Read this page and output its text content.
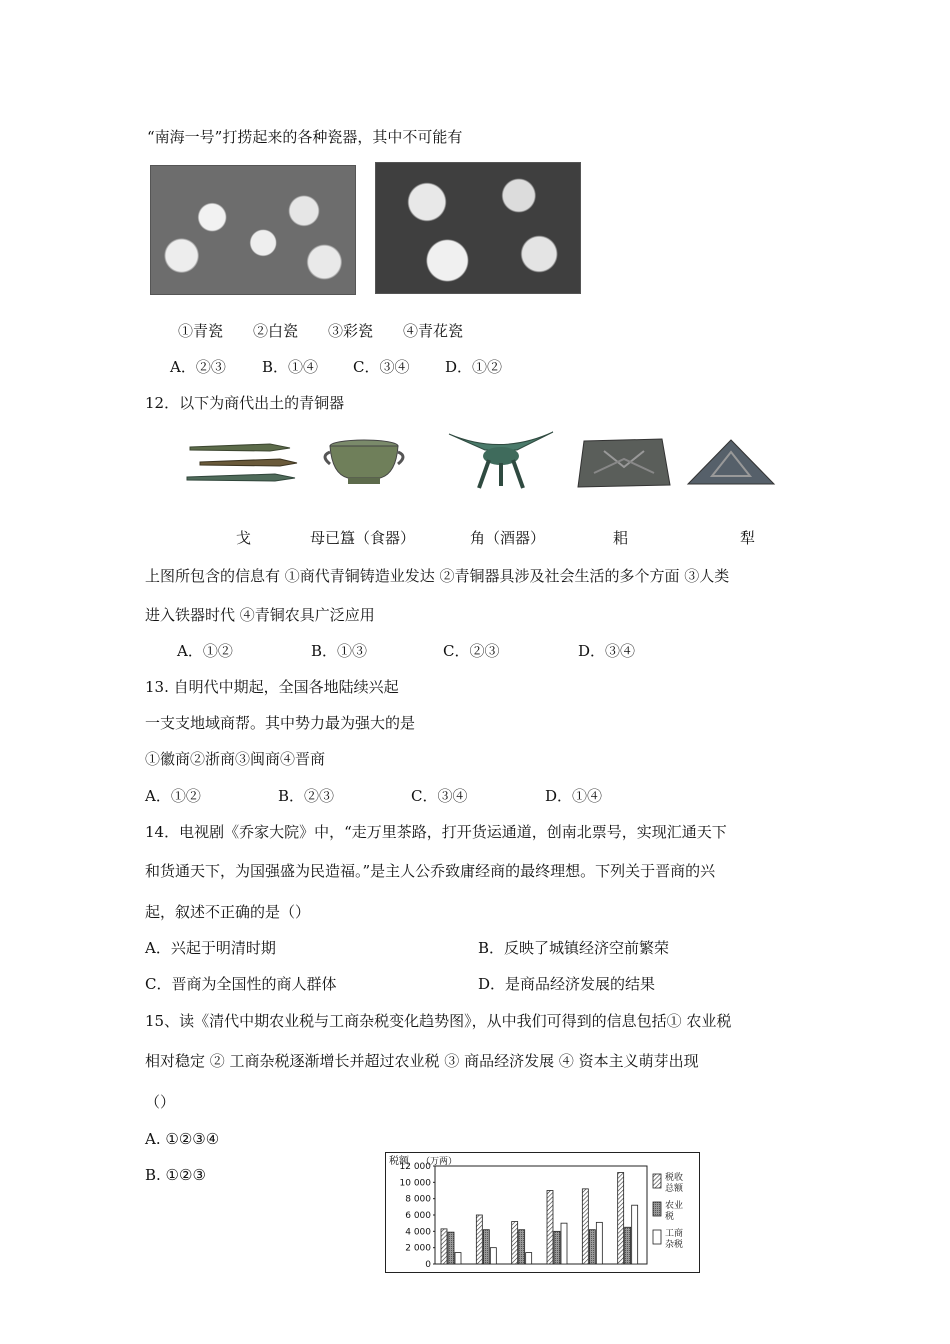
“南海一号”打捞起来的各种瓷器，其中不可能有
①青瓷　　②白瓷　　③彩瓷　　④青花瓷
A．②③ B．①④ C．③④ D．①②
12．以下为商代出土的青铜器
戈	母已簋（食器）	角（酒器）	耜	犁
上图所包含的信息有 ①商代青铜铸造业发达 ②青铜器具涉及社会生活的多个方面 ③人类
进入铁器时代 ④青铜农具广泛应用
A．①②	B．①③	C．②③	D．③④
13. 自明代中期起，全国各地陆续兴起
一支支地域商帮。其中势力最为强大的是
①徽商②浙商③闽商④晋商
A．①②	B．②③	C．③④	D．①④
14．电视剧《乔家大院》中，“走万里茶路，打开货运通道，创南北票号，实现汇通天下
和货通天下，为国强盛为民造福。”是主人公乔致庸经商的最终理想。下列关于晋商的兴
起，叙述不正确的是（）
A．兴起于明清时期	B．反映了城镇经济空前繁荣
C．晋商为全国性的商人群体	D．是商品经济发展的结果
15、读《清代中期农业税与工商杂税变化趋势图》，从中我们可得到的信息包括① 农业税
相对稳定 ② 工商杂税逐渐增长并超过农业税 ③ 商品经济发展 ④ 资本主义萌芽出现
（）
A. ①②③④
B. ①②③
税额 （万两）
0
2 000
4 000
6 000
8 000
10 000
12 000
税收
总额
农业
税
工商
杂税
